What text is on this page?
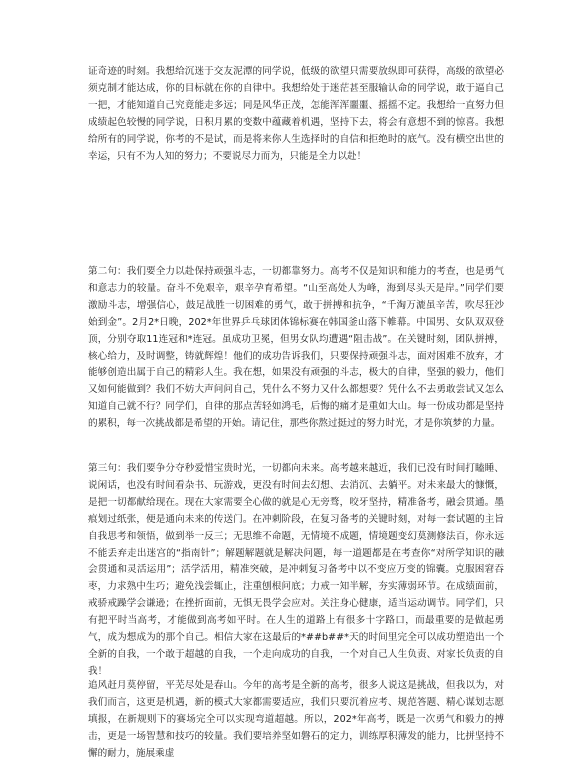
证奇迹的时刻。我想给沉迷于交友泥潭的同学说，低级的欲望只需要放纵即可获得，高级的欲望必须克制才能达成，你的目标就在你的自律中。我想给处于迷茫甚至服输认命的同学说，敢于逼自己一把，才能知道自己究竟能走多远；同是风华正茂，怎能浑浑噩噩、摇摇不定。我想给一直努力但成绩起色较慢的同学说，日积月累的变数中蕴藏着机遇，坚持下去，将会有意想不到的惊喜。我想给所有的同学说，你考的不是试，而是将来你人生选择时的自信和拒绝时的底气。没有横空出世的幸运，只有不为人知的努力；不要说尽力而为，只能是全力以赴！

第二句：我们要全力以赴保持顽强斗志，一切都靠努力。高考不仅是知识和能力的考查，也是勇气和意志力的较量。奋斗不免艰辛，艰辛孕育希望。“山至高处人为峰，海到尽头天是岸。”同学们要激励斗志，增强信心，鼓足战胜一切困难的勇气，敢于拼搏和抗争，“千淘万漉虽辛苦，吹尽狂沙始到金”。2月2*日晚，202*年世界乒乓球团体锦标赛在韩国釜山落下帷幕。中国男、女队双双登顶，分别夺取11连冠和*连冠。虽成功卫冕，但男女队均遭遇“阻击战”。在关键时刻，团队拼搏，核心给力，及时调整，铸就辉煌！他们的成功告诉我们，只要保持顽强斗志，面对困难不放弃，才能够创造出属于自己的精彩人生。我在想，如果没有顽强的斗志，极大的自律，坚强的毅力，他们又如何能做到？我们不妨大声问问自己，凭什么不努力又什么都想要？凭什么不去勇敢尝试又怎么知道自己就不行？同学们，自律的那点苦轻如鸿毛，后悔的痛才是重如大山。每一份成功都是坚持的累积，每一次挑战都是希望的开始。请记住，那些你熬过挺过的努力时光，才是你筑梦的力量。

第三句：我们要争分夺秒爱惜宝贵时光，一切都向未来。高考越来越近，我们已没有时间打瞌睡、说闲话，也没有时间看杂书、玩游戏，更没有时间去幻想、去消沉、去躺平。对未来最大的慷慨，是把一切都献给现在。现在大家需要全心做的就是心无旁骛，咬牙坚持，精准备考，融会贯通。墨痕划过纸张，便是通向未来的传送门。在冲刺阶段，在复习备考的关键时刻，对每一套试题的主旨自我思考和领悟，做到举一反三；无思维不命题，无情境不成题，情境题变幻莫测修法百，你永远不能丢弃走出迷宫的“指南针”；解题解题就是解决问题，每一道题都是在考查你“对所学知识的融会贯通和灵活运用”；活学活用，精准突破，是冲刺复习备考中以不变应万变的锦囊。克服困窘吞枣，力求熟中生巧；避免浅尝辄止，注重刨根问底；力戒一知半解，夯实薄弱环节。在成绩面前，戒骄戒躁学会谦逊；在挫折面前，无惧无畏学会应对。关注身心健康，适当运动调节。同学们，只有把平时当高考，才能做到高考如平时。在人生的道路上有很多十字路口，而最重要的是做起勇气，成为想成为的那个自己。相信大家在这最后的*##b##*天的时间里完全可以成功塑造出一个全新的自我，一个敢于超越的自我，一个走向成功的自我，一个对自己人生负责、对家长负责的自我！

追风赶月莫停留，平芜尽处是春山。今年的高考是全新的高考，很多人说这是挑战，但我以为，对我们而言，这更是机遇，新的模式大家都需要适应，我们只要沉着应考、规范答题、精心谋划志愿填报，在新规则下的赛场完全可以实现弯道超越。所以，202*年高考，既是一次勇气和毅力的搏击，更是一场智慧和技巧的较量。我们要培养坚如磐石的定力，训练厚积薄发的能力，比拼坚持不懈的耐力，施展乘虚
